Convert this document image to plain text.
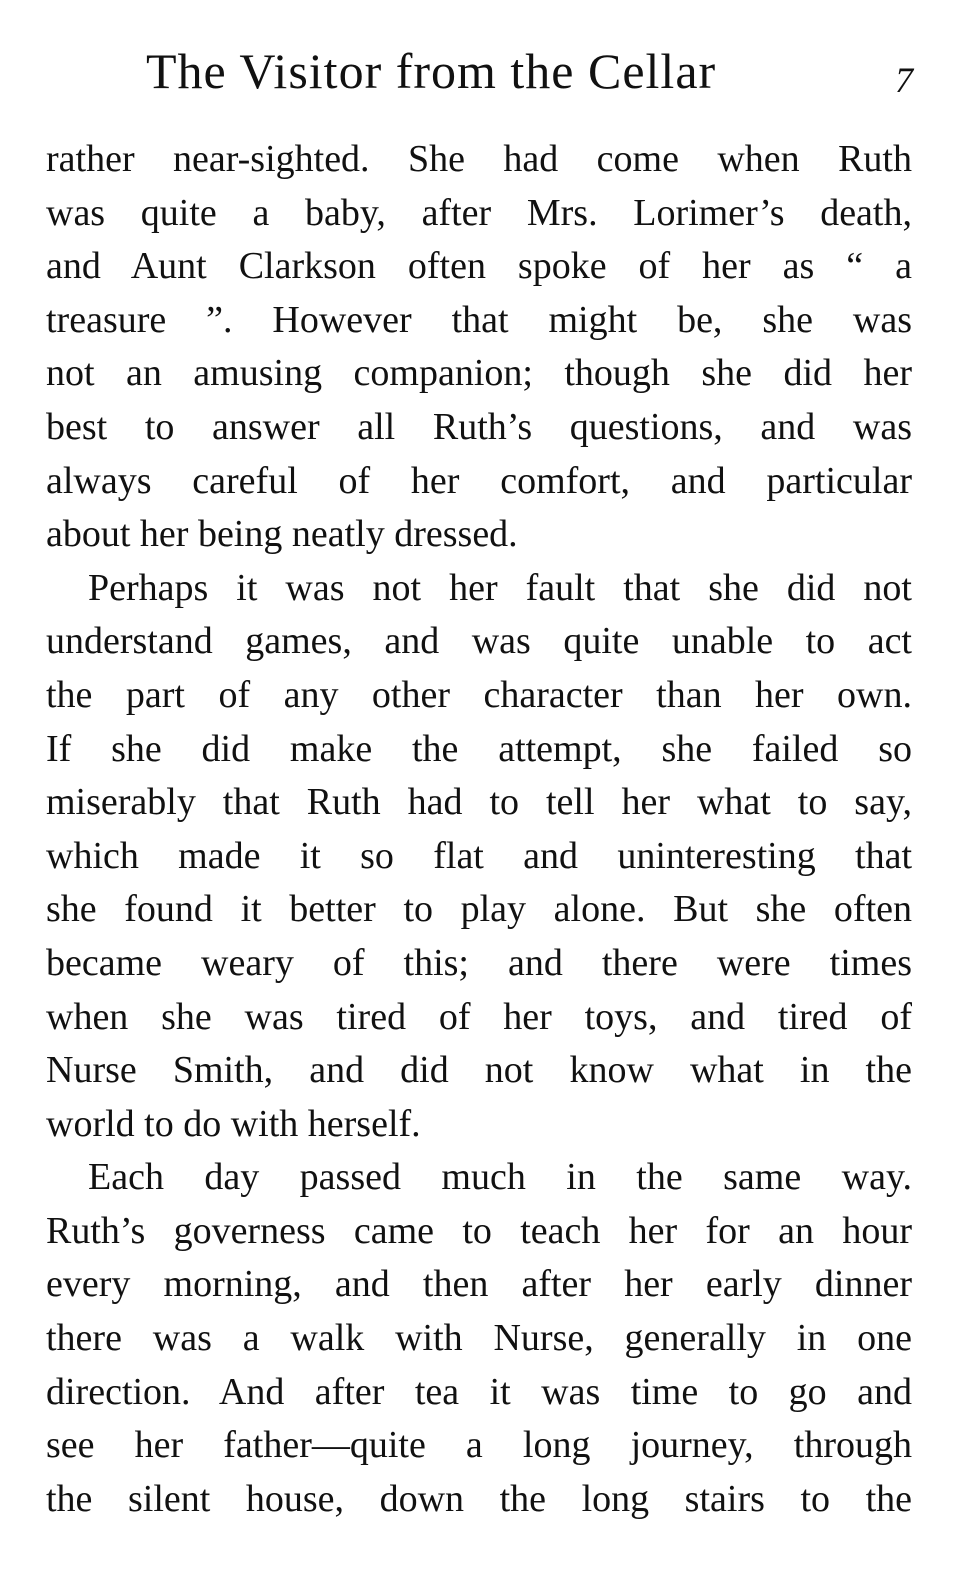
The Visitor from the Cellar	7
rather near-sighted. She had come when Ruth
was quite a baby, after Mrs. Lorimer’s death,
and Aunt Clarkson often spoke of her as “ a
treasure ”. However that might be, she was
not an amusing companion; though she did her
best to answer all Ruth’s questions, and was
always careful of her comfort, and particular
about her being neatly dressed.
Perhaps it was not her fault that she did not
understand games, and was quite unable to act
the part of any other character than her own.
If she did make the attempt, she failed so
miserably that Ruth had to tell her what to say,
which made it so flat and uninteresting that
she found it better to play alone. But she often
became weary of this; and there were times
when she was tired of her toys, and tired of
Nurse Smith, and did not know what in the
world to do with herself.
Each day passed much in the same way.
Ruth’s governess came to teach her for an hour
every morning, and then after her early dinner
there was a walk with Nurse, generally in one
direction. And after tea it was time to go and
see her father—quite a long journey, through
the silent house, down the long stairs to the
